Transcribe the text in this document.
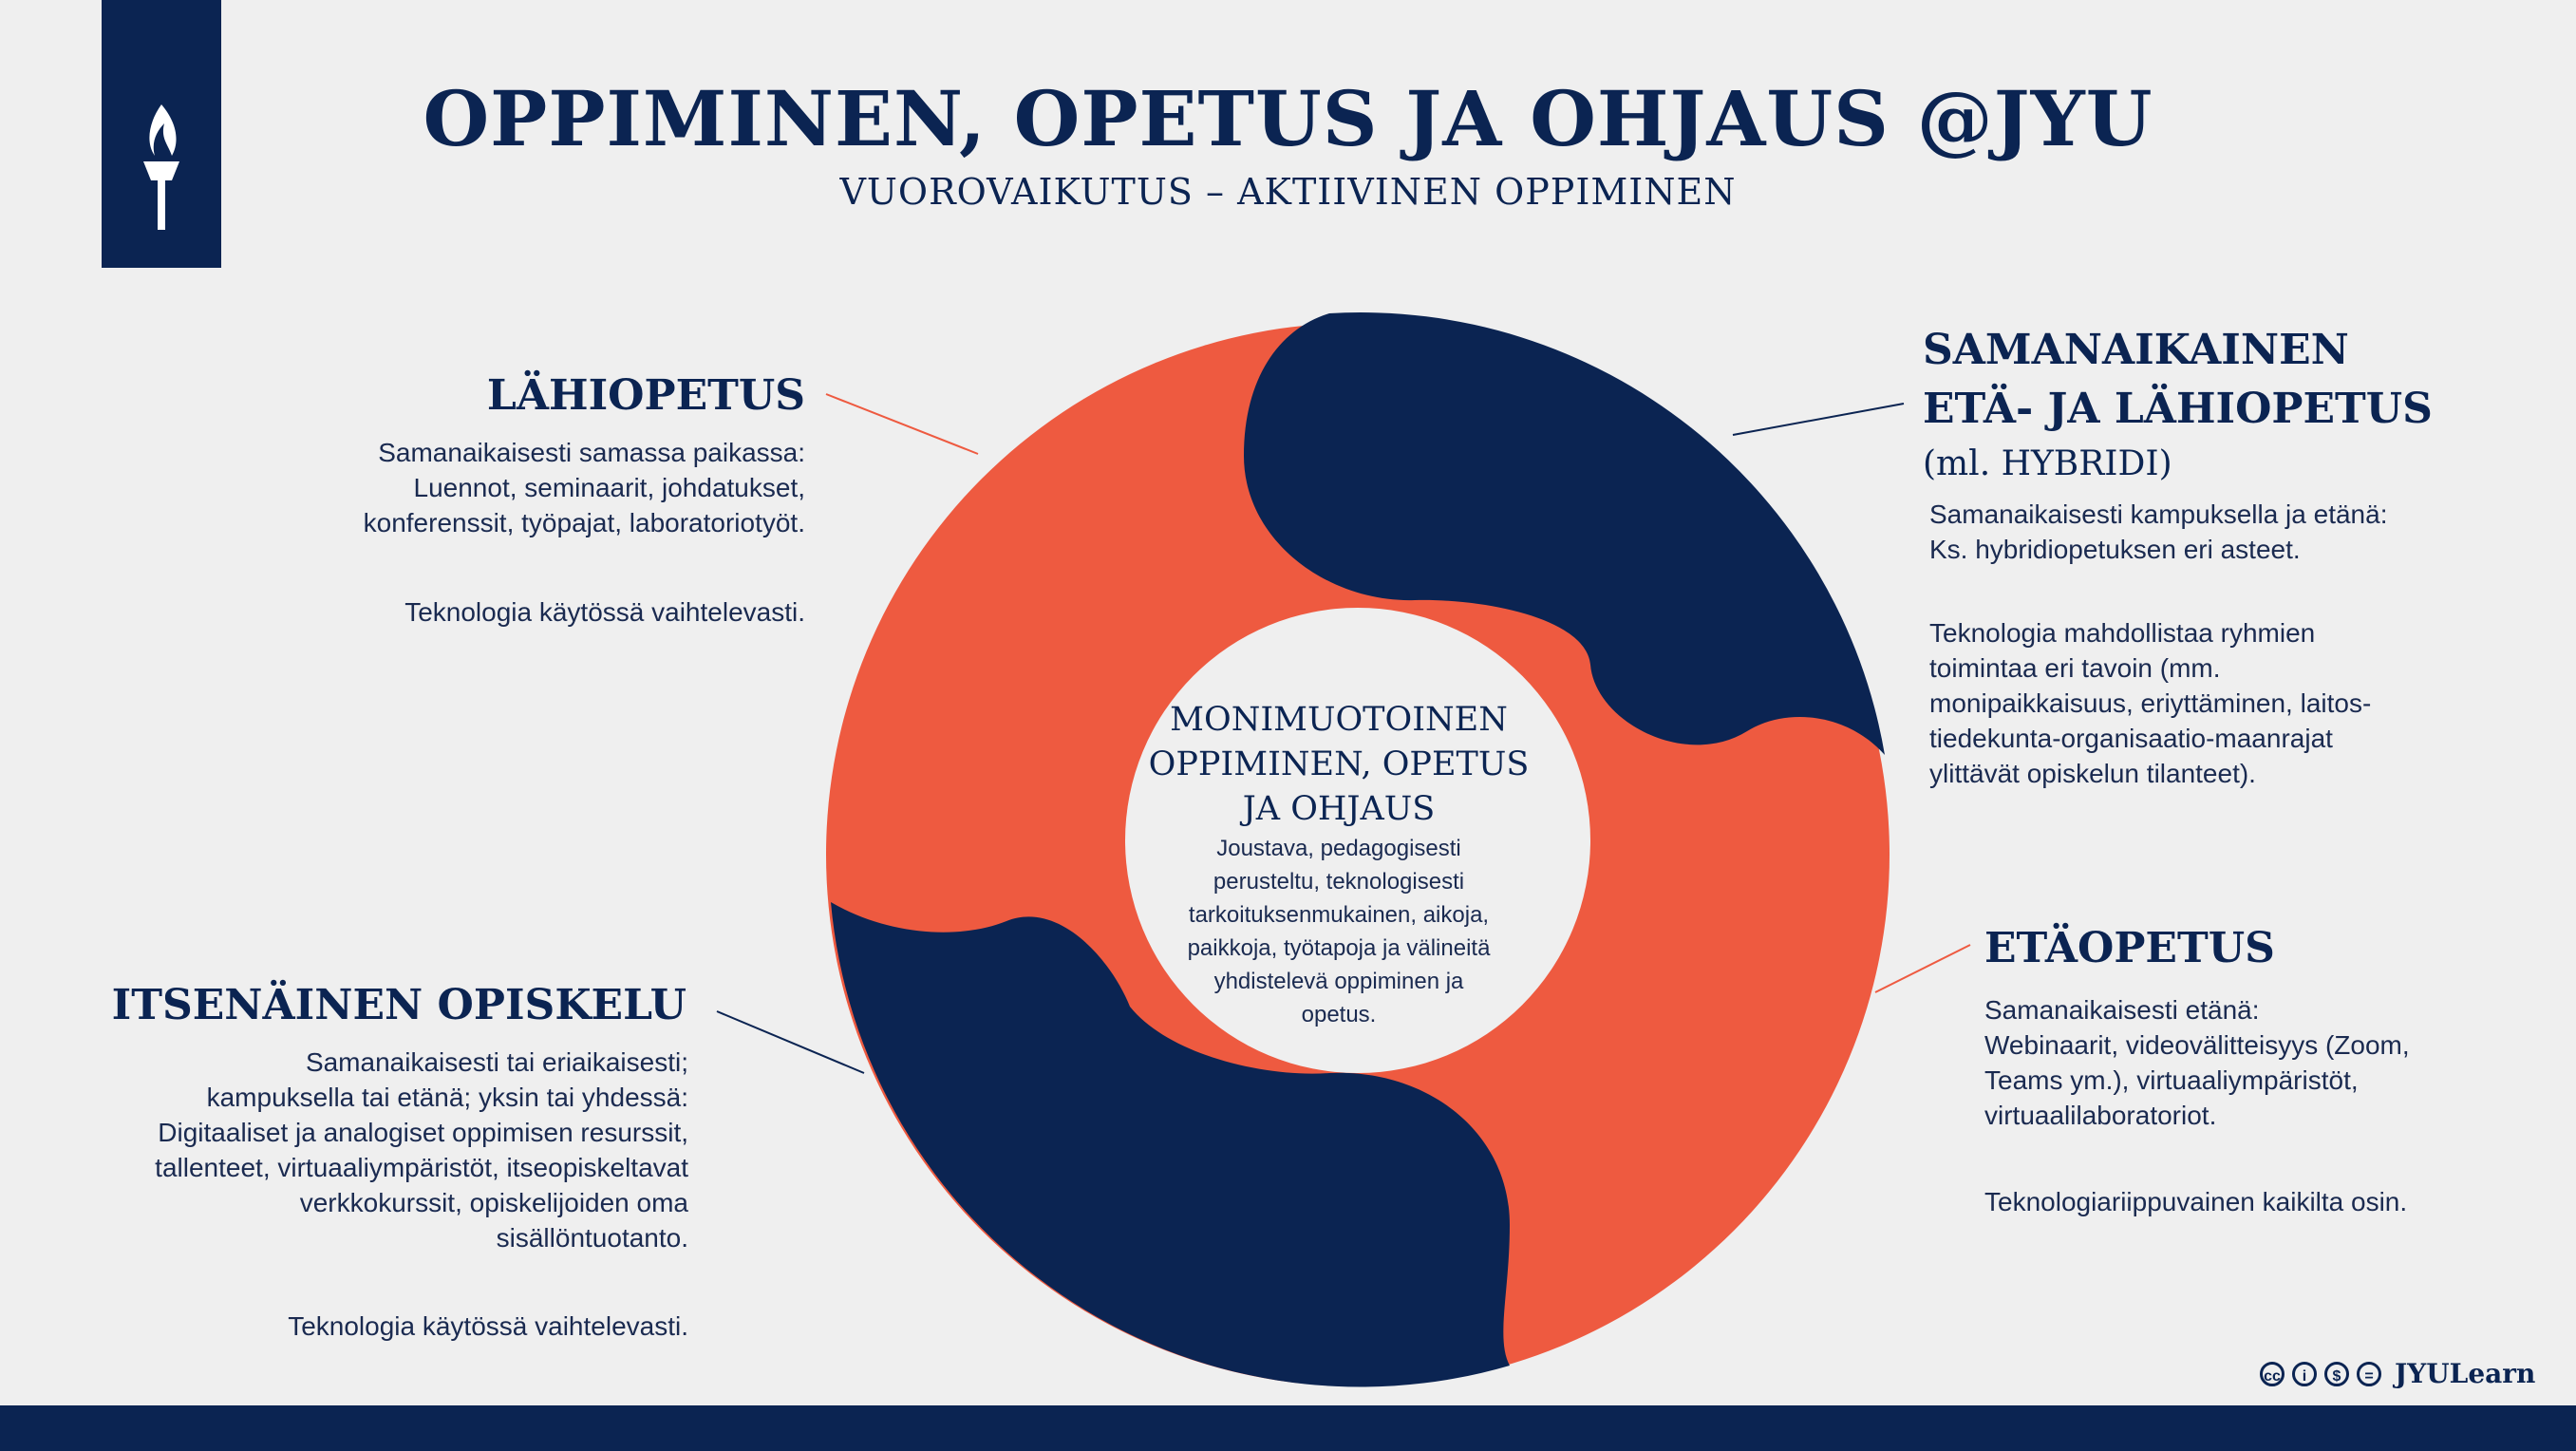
OPPIMINEN, OPETUS JA OHJAUS @JYU
VUOROVAIKUTUS – AKTIIVINEN OPPIMINEN
MONIMUOTOINEN
OPPIMINEN, OPETUS
JA OHJAUS
Joustava, pedagogisesti
perusteltu, teknologisesti
tarkoituksenmukainen, aikoja,
paikkoja, työtapoja ja välineitä
yhdistelevä oppiminen ja
opetus.
LÄHIOPETUS
Samanaikaisesti samassa paikassa:
Luennot, seminaarit, johdatukset,
konferenssit, työpajat, laboratoriotyöt.
Teknologia käytössä vaihtelevasti.
SAMANAIKAINEN
ETÄ- JA LÄHIOPETUS
(ml. HYBRIDI)
Samanaikaisesti kampuksella ja etänä:
Ks. hybridiopetuksen eri asteet.
Teknologia mahdollistaa ryhmien
toimintaa eri tavoin (mm.
monipaikkaisuus, eriyttäminen, laitos-
tiedekunta-organisaatio-maanrajat
ylittävät opiskelun tilanteet).
ITSENÄINEN OPISKELU
Samanaikaisesti tai eriaikaisesti;
kampuksella tai etänä; yksin tai yhdessä:
Digitaaliset ja analogiset oppimisen resurssit,
tallenteet, virtuaaliympäristöt, itseopiskeltavat
verkkokurssit, opiskelijoiden oma
sisällöntuotanto.
Teknologia käytössä vaihtelevasti.
ETÄOPETUS
Samanaikaisesti etänä:
Webinaarit, videovälitteisyys (Zoom,
Teams ym.), virtuaaliympäristöt,
virtuaalilaboratoriot.
Teknologiariippuvainen kaikilta osin.
cc	i	$	= JYULearn
